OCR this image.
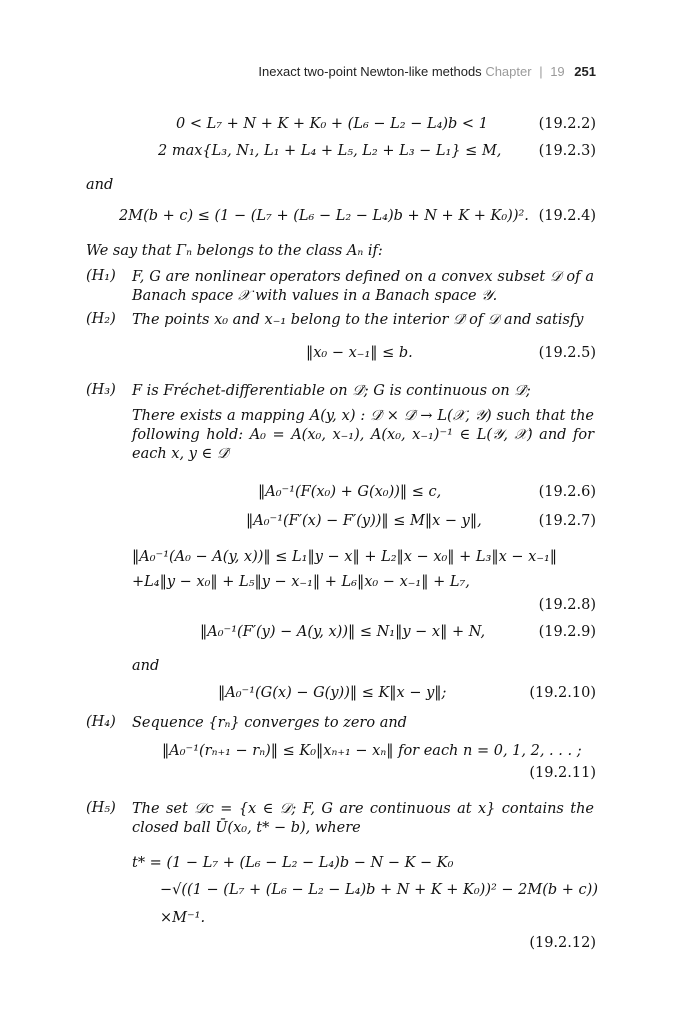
Inexact two-point Newton-like methods Chapter | 19 251
0 < L₇ + N + K + K₀ + (L₆ − L₂ − L₄)b < 1	(19.2.2)
2 max{L₃, N₁, L₁ + L₄ + L₅, L₂ + L₃ − L₁} ≤ M,	(19.2.3)
and
2M(b + c) ≤ (1 − (L₇ + (L₆ − L₂ − L₄)b + N + K + K₀))². (19.2.4)
We say that Γₙ belongs to the class Aₙ if:
(H₁) F, G are nonlinear operators defined on a convex subset 𝒟 of a Banach space 𝒳 with values in a Banach space 𝒴.
(H₂) The points x₀ and x₋₁ belong to the interior 𝒟̊ of 𝒟 and satisfy
‖x₀ − x₋₁‖ ≤ b.	(19.2.5)
(H₃) F is Fréchet-differentiable on 𝒟̊; G is continuous on 𝒟̊;
There exists a mapping A(y, x) : 𝒟̊ × 𝒟̊ → L(𝒳, 𝒴) such that the following hold: A₀ = A(x₀, x₋₁), A(x₀, x₋₁)⁻¹ ∈ L(𝒴, 𝒳) and for each x, y ∈ 𝒟̊
‖A₀⁻¹(F(x₀) + G(x₀))‖ ≤ c,	(19.2.6)
‖A₀⁻¹(F′(x) − F′(y))‖ ≤ M‖x − y‖,	(19.2.7)
‖A₀⁻¹(A₀ − A(y, x))‖ ≤ L₁‖y − x‖ + L₂‖x − x₀‖ + L₃‖x − x₋₁‖
+L₄‖y − x₀‖ + L₅‖y − x₋₁‖ + L₆‖x₀ − x₋₁‖ + L₇,
(19.2.8)
‖A₀⁻¹(F′(y) − A(y, x))‖ ≤ N₁‖y − x‖ + N,	(19.2.9)
and
‖A₀⁻¹(G(x) − G(y))‖ ≤ K‖x − y‖;	(19.2.10)
(H₄) Sequence {rₙ} converges to zero and
‖A₀⁻¹(rₙ₊₁ − rₙ)‖ ≤ K₀‖xₙ₊₁ − xₙ‖ for each n = 0, 1, 2, . . . ;
(19.2.11)
(H₅) The set 𝒟c = {x ∈ 𝒟; F, G are continuous at x} contains the closed ball Ū(x₀, t* − b), where
t* = (1 − L₇ + (L₆ − L₂ − L₄)b − N − K − K₀
−√((1 − (L₇ + (L₆ − L₂ − L₄)b + N + K + K₀))² − 2M(b + c))
×M⁻¹.
(19.2.12)
